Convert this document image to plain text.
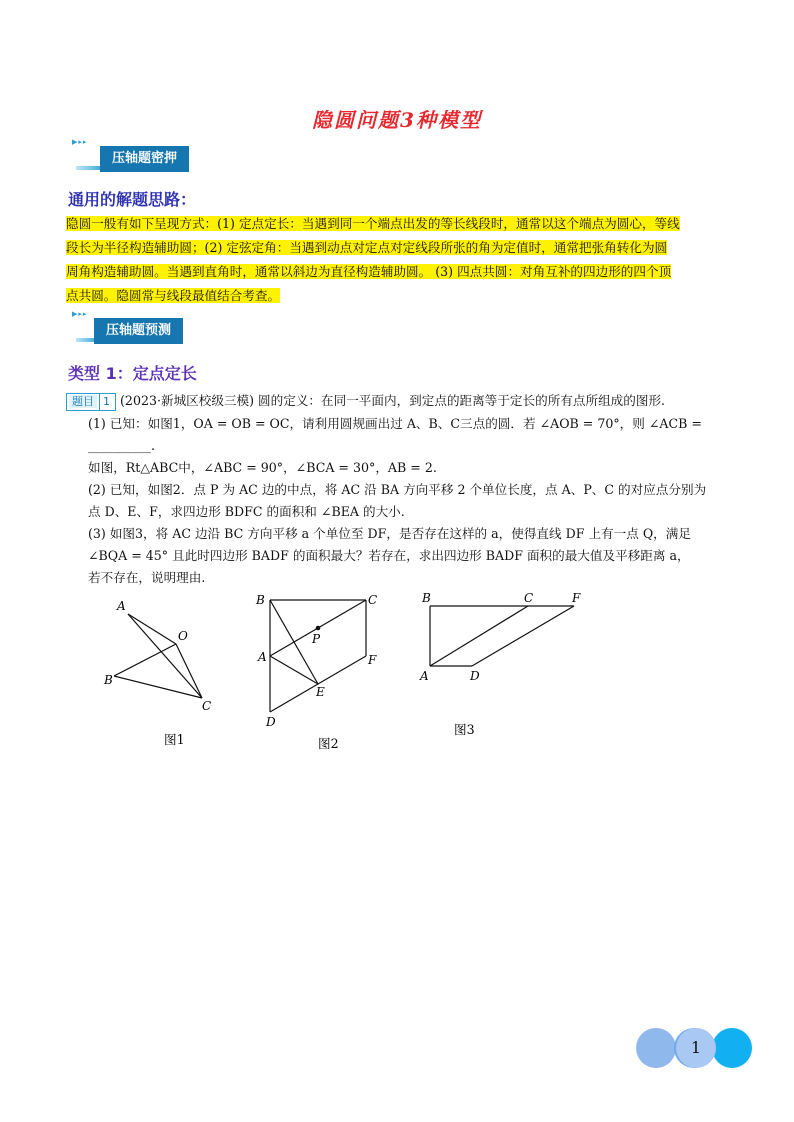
隐圆问题3种模型
▶▸▸
压轴题密押
通用的解题思路：
隐圆一般有如下呈现方式：(1) 定点定长：当遇到同一个端点出发的等长线段时，通常以这个端点为圆心，等线
段长为半径构造辅助圆；(2) 定弦定角：当遇到动点对定点对定线段所张的角为定值时，通常把张角转化为圆
周角构造辅助圆。当遇到直角时，通常以斜边为直径构造辅助圆。 (3) 四点共圆：对角互补的四边形的四个顶
点共圆。隐圆常与线段最值结合考查。
▶▸▸
压轴题预测
类型 1：定点定长
题目 1 (2023·新城区校级三模) 圆的定义：在同一平面内，到定点的距离等于定长的所有点所组成的图形.
(1) 已知：如图1，OA = OB = OC，请利用圆规画出过 A、B、C三点的圆．若 ∠AOB = 70°，则 ∠ACB =
__________.
如图，Rt△ABC中，∠ABC = 90°，∠BCA = 30°，AB = 2.
(2) 已知，如图2．点 P 为 AC 边的中点，将 AC 沿 BA 方向平移 2 个单位长度，点 A、P、C 的对应点分别为
点 D、E、F，求四边形 BDFC 的面积和 ∠BEA 的大小.
(3) 如图3，将 AC 边沿 BC 方向平移 a 个单位至 DF，是否存在这样的 a，使得直线 DF 上有一点 Q，满足
∠BQA = 45° 且此时四边形 BADF 的面积最大？若存在，求出四边形 BADF 面积的最大值及平移距离 a，
若不存在，说明理由.
A
O
B
C
图1
B	C
P
A	F
E
D
图2
B	C	F
A	D
图3
1
